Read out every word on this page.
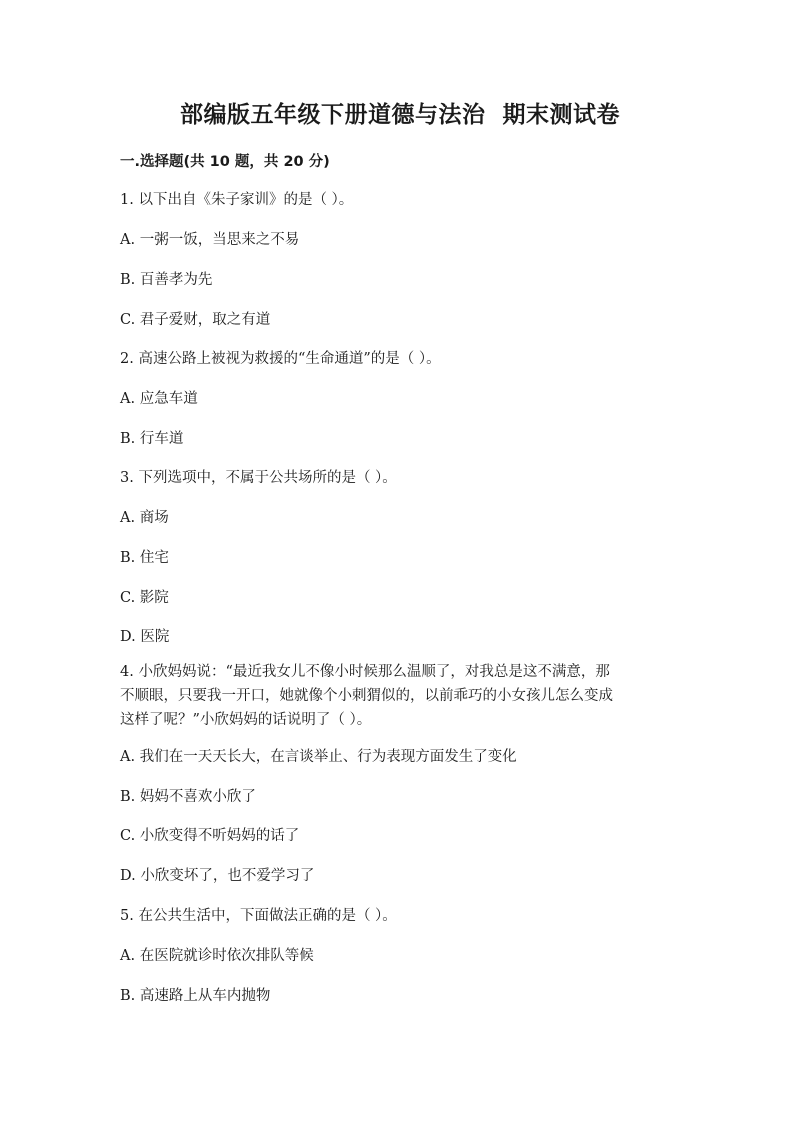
部编版五年级下册道德与法治  期末测试卷
一.选择题(共 10 题，共 20 分)
1. 以下出自《朱子家训》的是（ ）。
A. 一粥一饭，当思来之不易
B. 百善孝为先
C. 君子爱财，取之有道
2. 高速公路上被视为救援的“生命通道”的是（ ）。
A. 应急车道
B. 行车道
3. 下列选项中，不属于公共场所的是（ ）。
A. 商场
B. 住宅
C. 影院
D. 医院
4. 小欣妈妈说：“最近我女儿不像小时候那么温顺了，对我总是这不满意，那
不顺眼，只要我一开口，她就像个小刺猬似的，以前乖巧的小女孩儿怎么变成
这样了呢？”小欣妈妈的话说明了（ ）。
A. 我们在一天天长大，在言谈举止、行为表现方面发生了变化
B. 妈妈不喜欢小欣了
C. 小欣变得不听妈妈的话了
D. 小欣变坏了，也不爱学习了
5. 在公共生活中，下面做法正确的是（ ）。
A. 在医院就诊时依次排队等候
B. 高速路上从车内抛物
